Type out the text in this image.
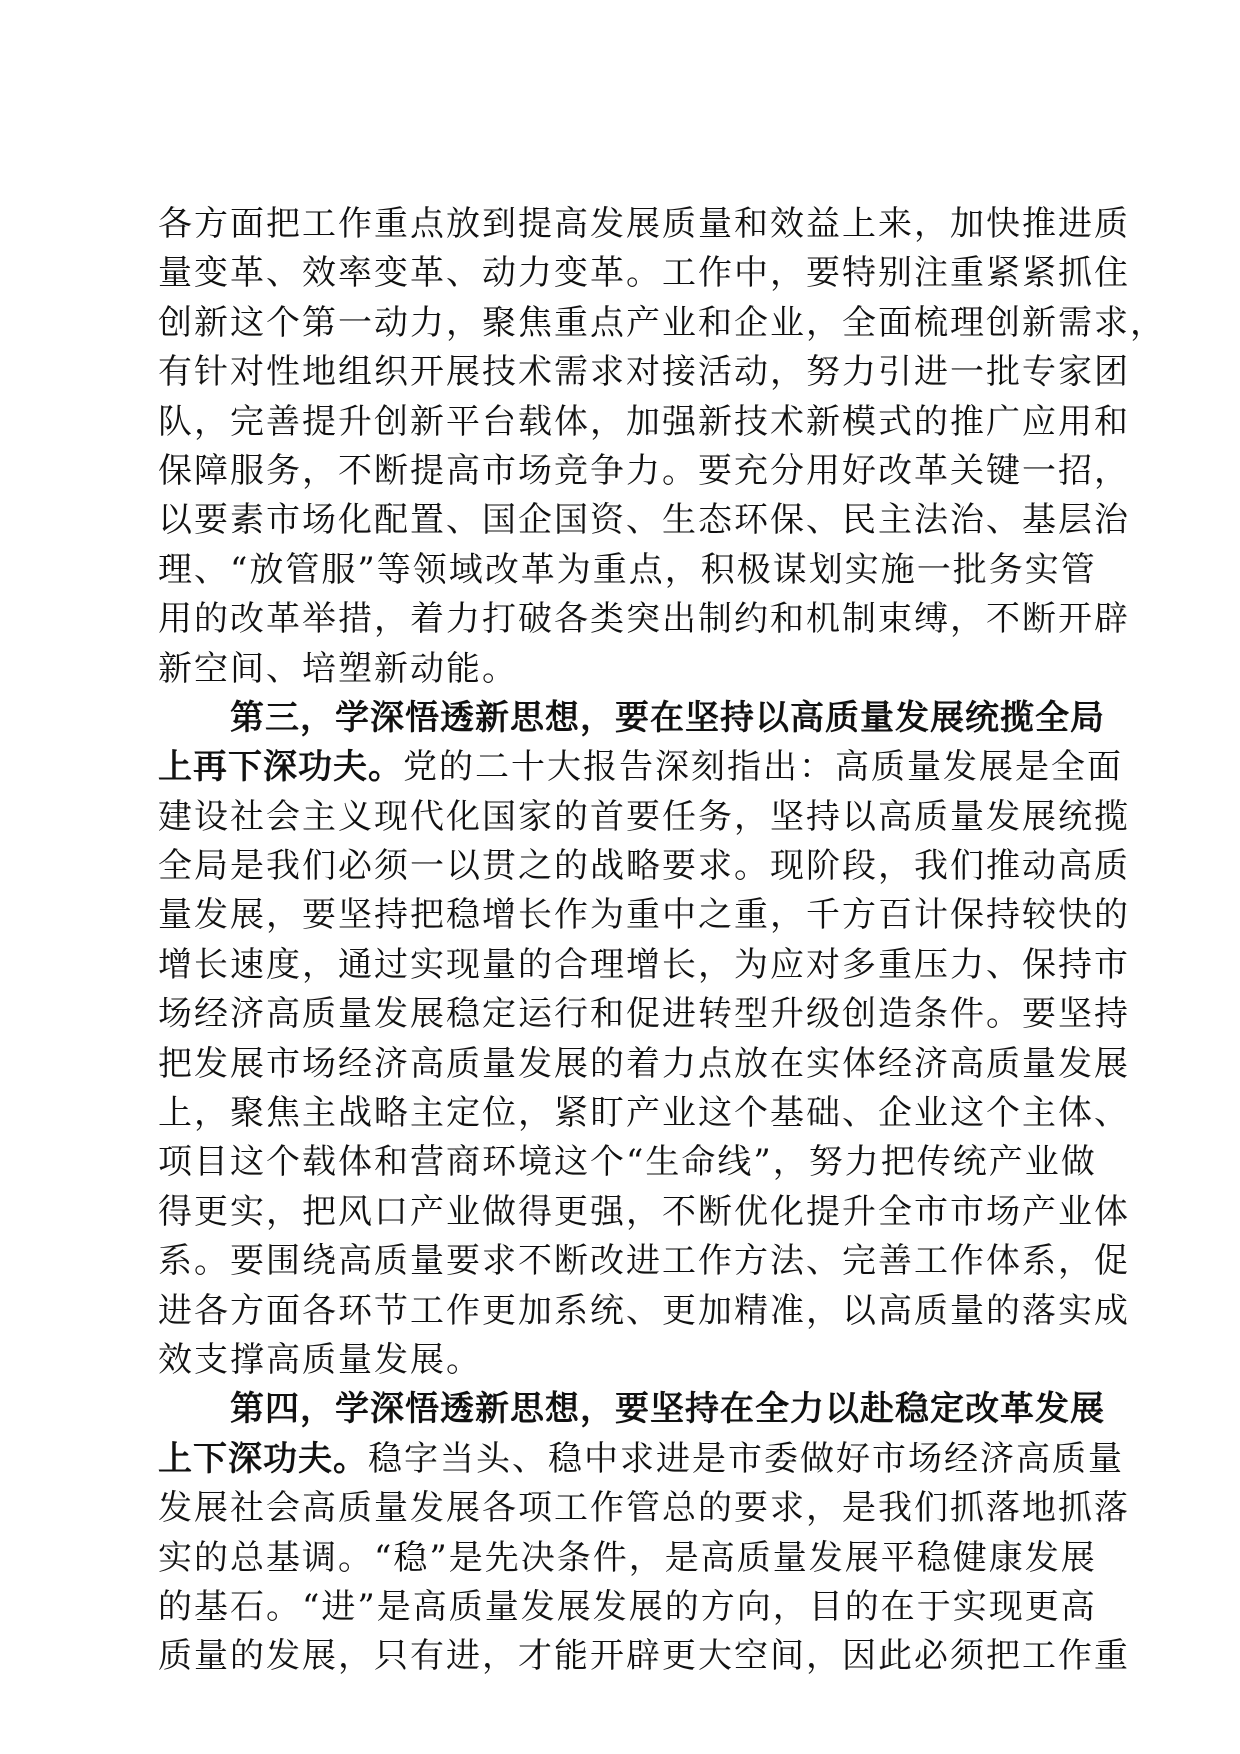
各方面把工作重点放到提高发展质量和效益上来，加快推进质
量变革、效率变革、动力变革。工作中，要特别注重紧紧抓住
创新这个第一动力，聚焦重点产业和企业，全面梳理创新需求，
有针对性地组织开展技术需求对接活动，努力引进一批专家团
队，完善提升创新平台载体，加强新技术新模式的推广应用和
保障服务，不断提高市场竞争力。要充分用好改革关键一招，
以要素市场化配置、国企国资、生态环保、民主法治、基层治
理、“放管服”等领域改革为重点，积极谋划实施一批务实管
用的改革举措，着力打破各类突出制约和机制束缚，不断开辟
新空间、培塑新动能。
第三，学深悟透新思想，要在坚持以高质量发展统揽全局
上再下深功夫。党的二十大报告深刻指出：高质量发展是全面
建设社会主义现代化国家的首要任务，坚持以高质量发展统揽
全局是我们必须一以贯之的战略要求。现阶段，我们推动高质
量发展，要坚持把稳增长作为重中之重，千方百计保持较快的
增长速度，通过实现量的合理增长，为应对多重压力、保持市
场经济高质量发展稳定运行和促进转型升级创造条件。要坚持
把发展市场经济高质量发展的着力点放在实体经济高质量发展
上，聚焦主战略主定位，紧盯产业这个基础、企业这个主体、
项目这个载体和营商环境这个“生命线”，努力把传统产业做
得更实，把风口产业做得更强，不断优化提升全市市场产业体
系。要围绕高质量要求不断改进工作方法、完善工作体系，促
进各方面各环节工作更加系统、更加精准，以高质量的落实成
效支撑高质量发展。
第四，学深悟透新思想，要坚持在全力以赴稳定改革发展
上下深功夫。稳字当头、稳中求进是市委做好市场经济高质量
发展社会高质量发展各项工作管总的要求，是我们抓落地抓落
实的总基调。“稳”是先决条件，是高质量发展平稳健康发展
的基石。“进”是高质量发展发展的方向，目的在于实现更高
质量的发展，只有进，才能开辟更大空间，因此必须把工作重
